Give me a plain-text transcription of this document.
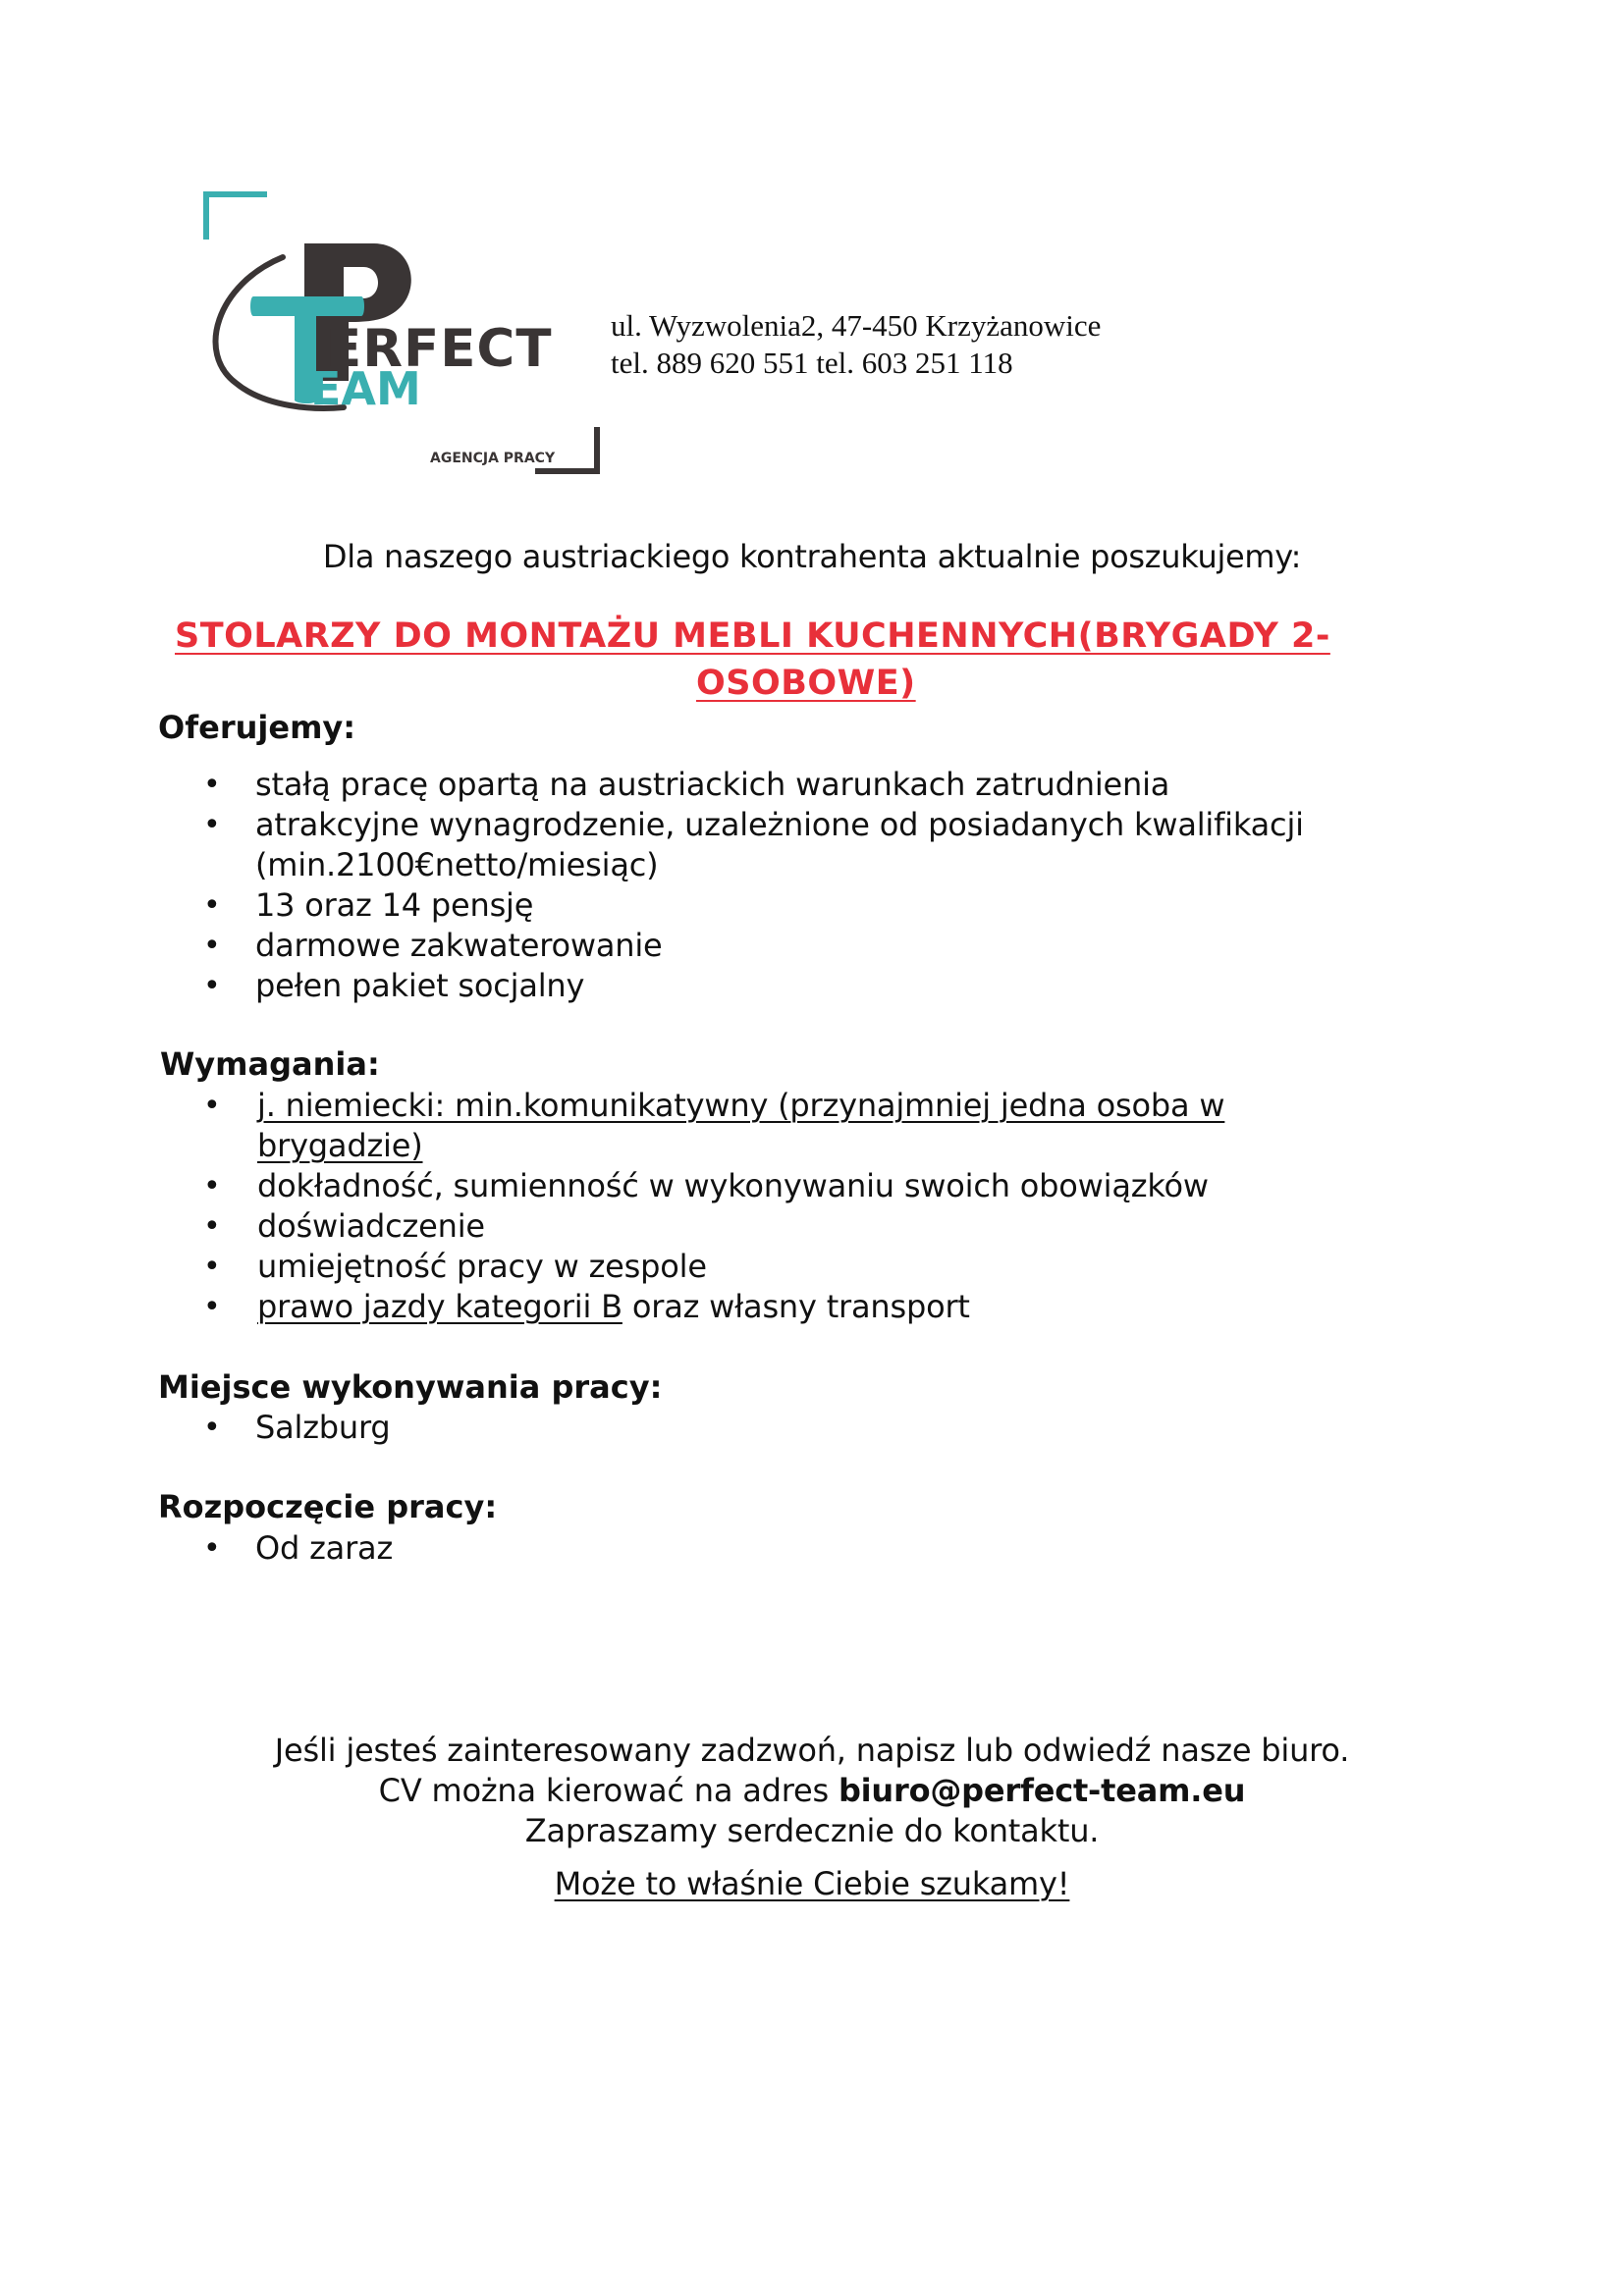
ERFECT
EAM
AGENCJA PRACY
ul. Wyzwolenia2, 47-450 Krzyżanowice
tel. 889 620 551 tel. 603 251 118
Dla naszego austriackiego kontrahenta aktualnie poszukujemy:
STOLARZY DO MONTAŻU MEBLI KUCHENNYCH(BRYGADY 2-
OSOBOWE)
Oferujemy:
• stałą pracę opartą na austriackich warunkach zatrudnienia
• atrakcyjne wynagrodzenie, uzależnione od posiadanych kwalifikacji
(min.2100€netto/miesiąc)
• 13 oraz 14 pensję
• darmowe zakwaterowanie
• pełen pakiet socjalny
Wymagania:
• j. niemiecki: min.komunikatywny (przynajmniej jedna osoba w
brygadzie)
• dokładność, sumienność w wykonywaniu swoich obowiązków
• doświadczenie
• umiejętność pracy w zespole
• prawo jazdy kategorii B oraz własny transport
Miejsce wykonywania pracy:
• Salzburg
Rozpoczęcie pracy:
• Od zaraz
Jeśli jesteś zainteresowany zadzwoń, napisz lub odwiedź nasze biuro.
CV można kierować na adres biuro@perfect-team.eu
Zapraszamy serdecznie do kontaktu.
Może to właśnie Ciebie szukamy!
